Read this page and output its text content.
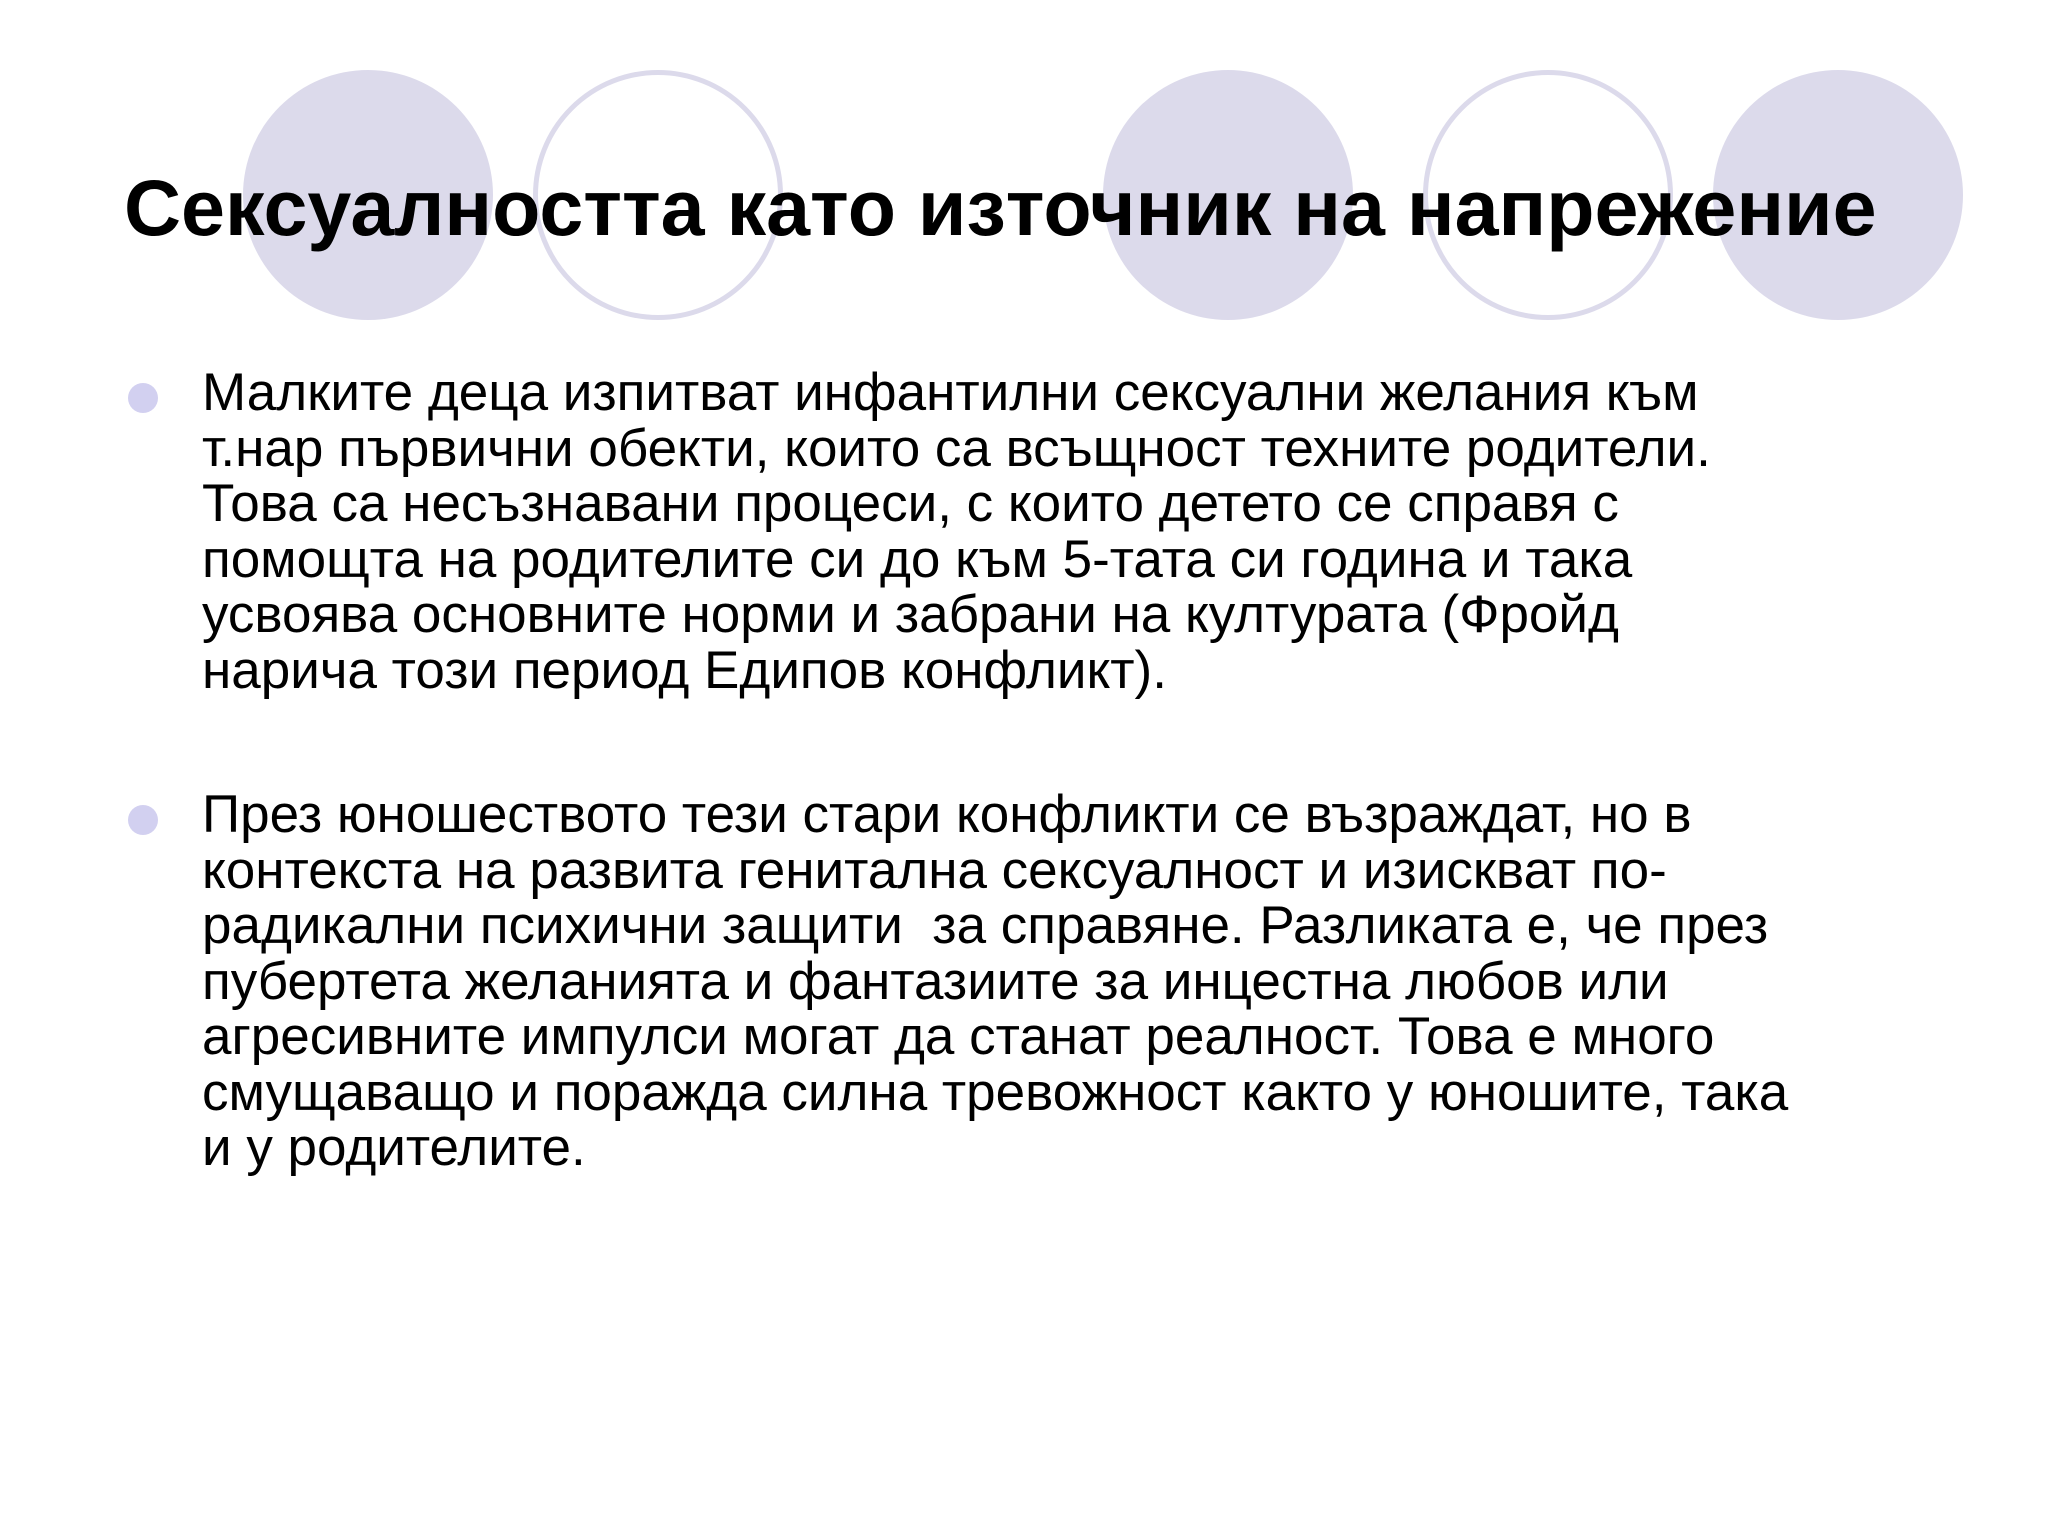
Сексуалността като източник на напрежение

Малките деца изпитват инфантилни сексуални желания към
т.нар първични обекти, които са всъщност техните родители.
Това са несъзнавани процеси, с които детето се справя с
помощта на родителите си до към 5-тата си година и така
усвоява основните норми и забрани на културата (Фройд
нарича този период Едипов конфликт).

През юношеството тези стари конфликти се възраждат, но в
контекста на развита генитална сексуалност и изискват по-
радикални психични защити  за справяне. Разликата е, че през
пубертета желанията и фантазиите за инцестна любов или
агресивните импулси могат да станат реалност. Това е много
смущаващо и поражда силна тревожност както у юношите, така
и у родителите.
